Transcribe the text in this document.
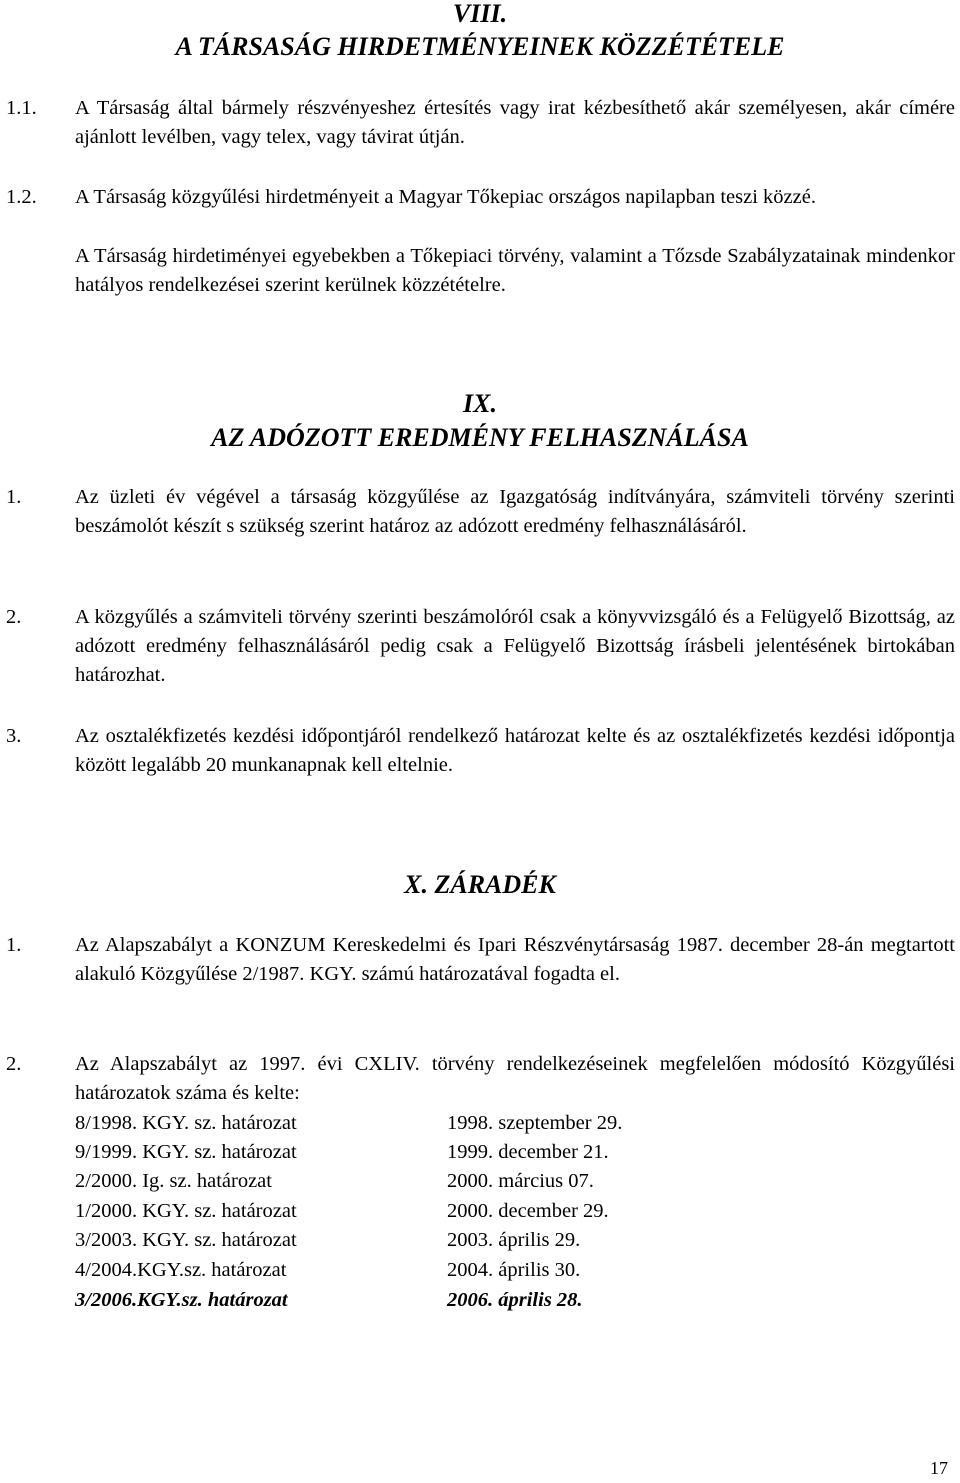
VIII.
A TÁRSASÁG HIRDETMÉNYEINEK KÖZZÉTÉTELE
1.1. A Társaság által bármely részvényeshez értesítés vagy irat kézbesíthető akár személyesen, akár címére ajánlott levélben, vagy telex, vagy távirat útján.
1.2. A Társaság közgyűlési hirdetményeit a Magyar Tőkepiac országos napilapban teszi közzé.
A Társaság hirdetiményei egyebekben a Tőkepiaci törvény, valamint a Tőzsde Szabályzatainak mindenkor hatályos rendelkezései szerint kerülnek közzétételre.
IX.
AZ ADÓZOTT EREDMÉNY FELHASZNÁLÁSA
1.	Az üzleti év végével a társaság közgyűlése az Igazgatóság indítványára, számviteli törvény szerinti beszámolót készít s szükség szerint határoz az adózott eredmény felhasználásáról.
2.	A közgyűlés a számviteli törvény szerinti beszámolóról csak a könyvvizsgáló és a Felügyelő Bizottság, az adózott eredmény felhasználásáról pedig csak a Felügyelő Bizottság írásbeli jelentésének birtokában határozhat.
3.	Az osztalékfizetés kezdési időpontjáról rendelkező határozat kelte és az osztalékfizetés kezdési időpontja között legalább 20 munkanapnak kell eltelnie.
X. ZÁRADÉK
1.	Az Alapszabályt a KONZUM Kereskedelmi és Ipari Részvénytársaság 1987. december 28-án megtartott alakuló Közgyűlése 2/1987. KGY. számú határozatával fogadta el.
2.	Az Alapszabályt az 1997. évi CXLIV. törvény rendelkezéseinek megfelelően módosító Közgyűlési határozatok száma és kelte:
8/1998. KGY. sz. határozat	1998. szeptember 29.
9/1999. KGY. sz. határozat	1999. december 21.
2/2000. Ig. sz. határozat	2000. március 07.
1/2000. KGY. sz. határozat	2000. december 29.
3/2003. KGY. sz. határozat	2003. április 29.
4/2004.KGY.sz. határozat	2004. április 30.
3/2006.KGY.sz. határozat	2006. április 28.
17
